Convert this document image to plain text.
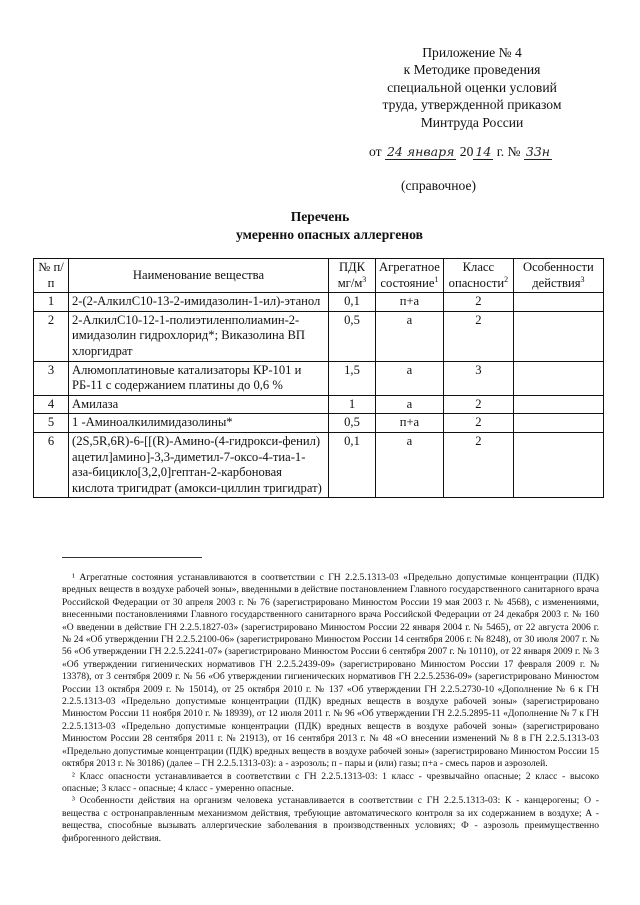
Приложение № 4
к Методике проведения
специальной оценки условий
труда, утвержденной приказом
Минтруда России
от 24 января 20 14 г. № 33н
(справочное)
Перечень
умеренно опасных аллергенов
№ п/п	Наименование вещества	ПДК $мг/м^3$	Агрегатное состояние$^1$	Класс опасности$^2$	Особенности действия$^3$
1	2-(2-АлкилС10-13-2-имидазолин-1-ил)-этанол	0,1	п+а	2	
2	2-АлкилС10-12-1-полиэтиленполиамин-2-имидазолин гидрохлорид*; Виказолина ВП хлоргидрат	0,5	а	2	
3	Алюмоплатиновые катализаторы КР-101 и РБ-11 с содержанием платины до 0,6 %	1,5	а	3	
4	Амилаза	1	а	2	
5	1 -Аминоалкилимидазолины*	0,5	п+а	2	
6	(2S,5R,6R)-6-[[(R)-Амино-(4-гидрокси-фенил) ацетил]амино]-3,3-диметил-7-оксо-4-тиа-1-аза-бицикло[3,2,0]гептан-2-карбоновая кислота тригидрат (амокси-циллин тригидрат)	0,1	а	2	

¹ Агрегатные состояния устанавливаются в соответствии с ГН 2.2.5.1313-03 «Предельно допустимые концентрации (ПДК) вредных веществ в воздухе рабочей зоны», введенными в действие постановлением Главного государственного санитарного врача Российской Федерации от 30 апреля 2003 г. № 76 (зарегистрировано Минюстом России 19 мая 2003 г. № 4568), с изменениями, внесенными постановлениями Главного государственного санитарного врача Российской Федерации от 24 декабря 2003 г. № 160 «О введении в действие ГН 2.2.5.1827-03» (зарегистрировано Минюстом России 22 января 2004 г. № 5465), от 22 августа 2006 г. № 24 «Об утверждении ГН 2.2.5.2100-06» (зарегистрировано Минюстом России 14 сентября 2006 г. № 8248), от 30 июля 2007 г. № 56 «Об утверждении ГН 2.2.5.2241-07» (зарегистрировано Минюстом России 6 сентября 2007 г. № 10110), от 22 января 2009 г. № 3 «Об утверждении гигиенических нормативов ГН 2.2.5.2439-09» (зарегистрировано Минюстом России 17 февраля 2009 г. № 13378), от 3 сентября 2009 г. № 56 «Об утверждении гигиенических нормативов ГН 2.2.5.2536-09» (зарегистрировано Минюстом России 13 октября 2009 г. № 15014), от 25 октября 2010 г. № 137 «Об утверждении ГН 2.2.5.2730-10 «Дополнение № 6 к ГН 2.2.5.1313-03 «Предельно допустимые концентрации (ПДК) вредных веществ в воздухе рабочей зоны» (зарегистрировано Минюстом России 11 ноября 2010 г. № 18939), от 12 июля 2011 г. № 96 «Об утверждении ГН 2.2.5.2895-11 «Дополнение № 7 к ГН 2.2.5.1313-03 «Предельно допустимые концентрации (ПДК) вредных веществ в воздухе рабочей зоны» (зарегистрировано Минюстом России 28 сентября 2011 г. № 21913), от 16 сентября 2013 г. № 48 «О внесении изменений № 8 в ГН 2.2.5.1313-03 «Предельно допустимые концентрации (ПДК) вредных веществ в воздухе рабочей зоны» (зарегистрировано Минюстом России 15 октября 2013 г. № 30186) (далее – ГН 2.2.5.1313-03): а - аэрозоль; п - пары и (или) газы; п+а - смесь паров и аэрозолей.

² Класс опасности устанавливается в соответствии с ГН 2.2.5.1313-03: 1 класс - чрезвычайно опасные; 2 класс - высоко опасные; 3 класс - опасные; 4 класс - умеренно опасные.

³ Особенности действия на организм человека устанавливается в соответствии с ГН 2.2.5.1313-03: К - канцерогены; О - вещества с остронаправленным механизмом действия, требующие автоматического контроля за их содержанием в воздухе; А - вещества, способные вызывать аллергические заболевания в производственных условиях; Ф - аэрозоль преимущественно фиброгенного действия.
